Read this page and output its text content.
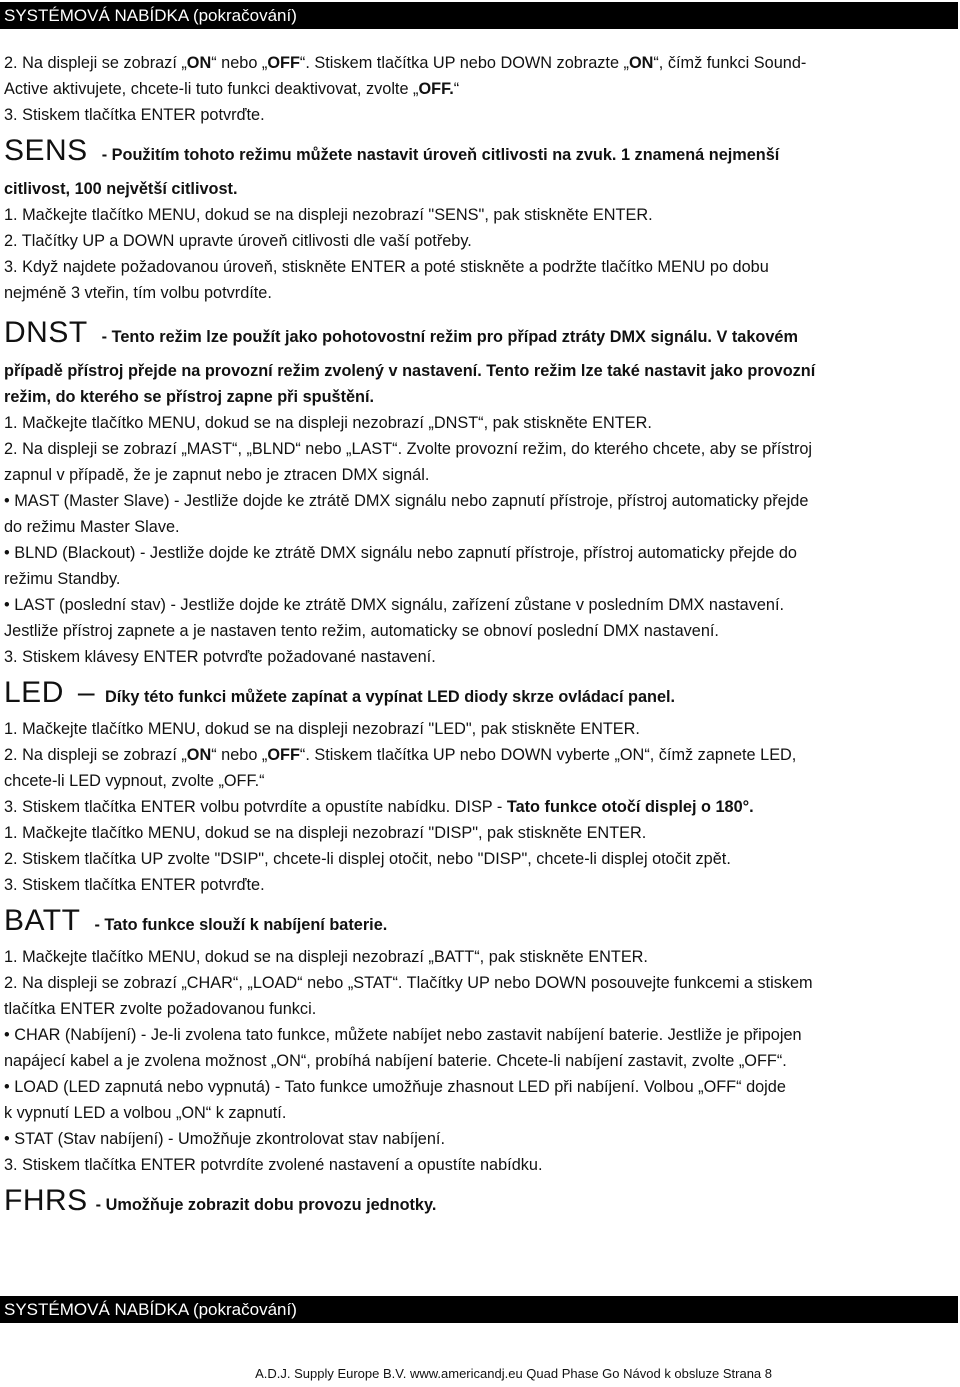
SYSTÉMOVÁ NABÍDKA (pokračování)

2. Na displeji se zobrazí „ON“ nebo „OFF“. Stiskem tlačítka UP nebo DOWN zobrazte „ON“, čímž funkci Sound-

Active aktivujete, chcete-li tuto funkci deaktivovat, zvolte „OFF.“

3. Stiskem tlačítka ENTER potvrďte.

SENS - Použitím tohoto režimu můžete nastavit úroveň citlivosti na zvuk. 1 znamená nejmenší

citlivost, 100 největší citlivost.

1. Mačkejte tlačítko MENU, dokud se na displeji nezobrazí "SENS", pak stiskněte ENTER.

2. Tlačítky UP a DOWN upravte úroveň citlivosti dle vaší potřeby.

3. Když najdete požadovanou úroveň, stiskněte ENTER a poté stiskněte a podržte tlačítko MENU po dobu

nejméně 3 vteřin, tím volbu potvrdíte.

DNST - Tento režim lze použít jako pohotovostní režim pro případ ztráty DMX signálu. V takovém

případě přístroj přejde na provozní režim zvolený v nastavení. Tento režim lze také nastavit jako provozní

režim, do kterého se přístroj zapne při spuštění.

1. Mačkejte tlačítko MENU, dokud se na displeji nezobrazí „DNST“, pak stiskněte ENTER.

2. Na displeji se zobrazí „MAST“, „BLND“ nebo „LAST“. Zvolte provozní režim, do kterého chcete, aby se přístroj

zapnul v případě, že je zapnut nebo je ztracen DMX signál.

• MAST (Master Slave) - Jestliže dojde ke ztrátě DMX signálu nebo zapnutí přístroje, přístroj automaticky přejde

do režimu Master Slave.

• BLND (Blackout) - Jestliže dojde ke ztrátě DMX signálu nebo zapnutí přístroje, přístroj automaticky přejde do

režimu Standby.

• LAST (poslední stav) - Jestliže dojde ke ztrátě DMX signálu, zařízení zůstane v posledním DMX nastavení.

Jestliže přístroj zapnete a je nastaven tento režim, automaticky se obnoví poslední DMX nastavení.

3. Stiskem klávesy ENTER potvrďte požadované nastavení.

LED – Díky této funkci můžete zapínat a vypínat LED diody skrze ovládací panel.

1. Mačkejte tlačítko MENU, dokud se na displeji nezobrazí "LED", pak stiskněte ENTER.

2. Na displeji se zobrazí „ON“ nebo „OFF“. Stiskem tlačítka UP nebo DOWN vyberte „ON“, čímž zapnete LED,

chcete-li LED vypnout, zvolte „OFF.“

3. Stiskem tlačítka ENTER volbu potvrdíte a opustíte nabídku. DISP - Tato funkce otočí displej o 180°.

1. Mačkejte tlačítko MENU, dokud se na displeji nezobrazí "DISP", pak stiskněte ENTER.

2. Stiskem tlačítka UP zvolte "DSIP", chcete-li displej otočit, nebo "DISP", chcete-li displej otočit zpět.

3. Stiskem tlačítka ENTER potvrďte.

BATT - Tato funkce slouží k nabíjení baterie.

1. Mačkejte tlačítko MENU, dokud se na displeji nezobrazí „BATT“, pak stiskněte ENTER.

2. Na displeji se zobrazí „CHAR“, „LOAD“ nebo „STAT“. Tlačítky UP nebo DOWN posouvejte funkcemi a stiskem

tlačítka ENTER zvolte požadovanou funkci.

• CHAR (Nabíjení) - Je-li zvolena tato funkce, můžete nabíjet nebo zastavit nabíjení baterie. Jestliže je připojen

napájecí kabel a je zvolena možnost „ON“, probíhá nabíjení baterie. Chcete-li nabíjení zastavit, zvolte „OFF“.

• LOAD (LED zapnutá nebo vypnutá) - Tato funkce umožňuje zhasnout LED při nabíjení. Volbou „OFF“ dojde

k vypnutí LED a volbou „ON“ k zapnutí.

• STAT (Stav nabíjení) - Umožňuje zkontrolovat stav nabíjení.

3. Stiskem tlačítka ENTER potvrdíte zvolené nastavení a opustíte nabídku.

FHRS - Umožňuje zobrazit dobu provozu jednotky.
SYSTÉMOVÁ NABÍDKA (pokračování)
A.D.J. Supply Europe B.V. www.americandj.eu Quad Phase Go Návod k obsluze Strana 8
